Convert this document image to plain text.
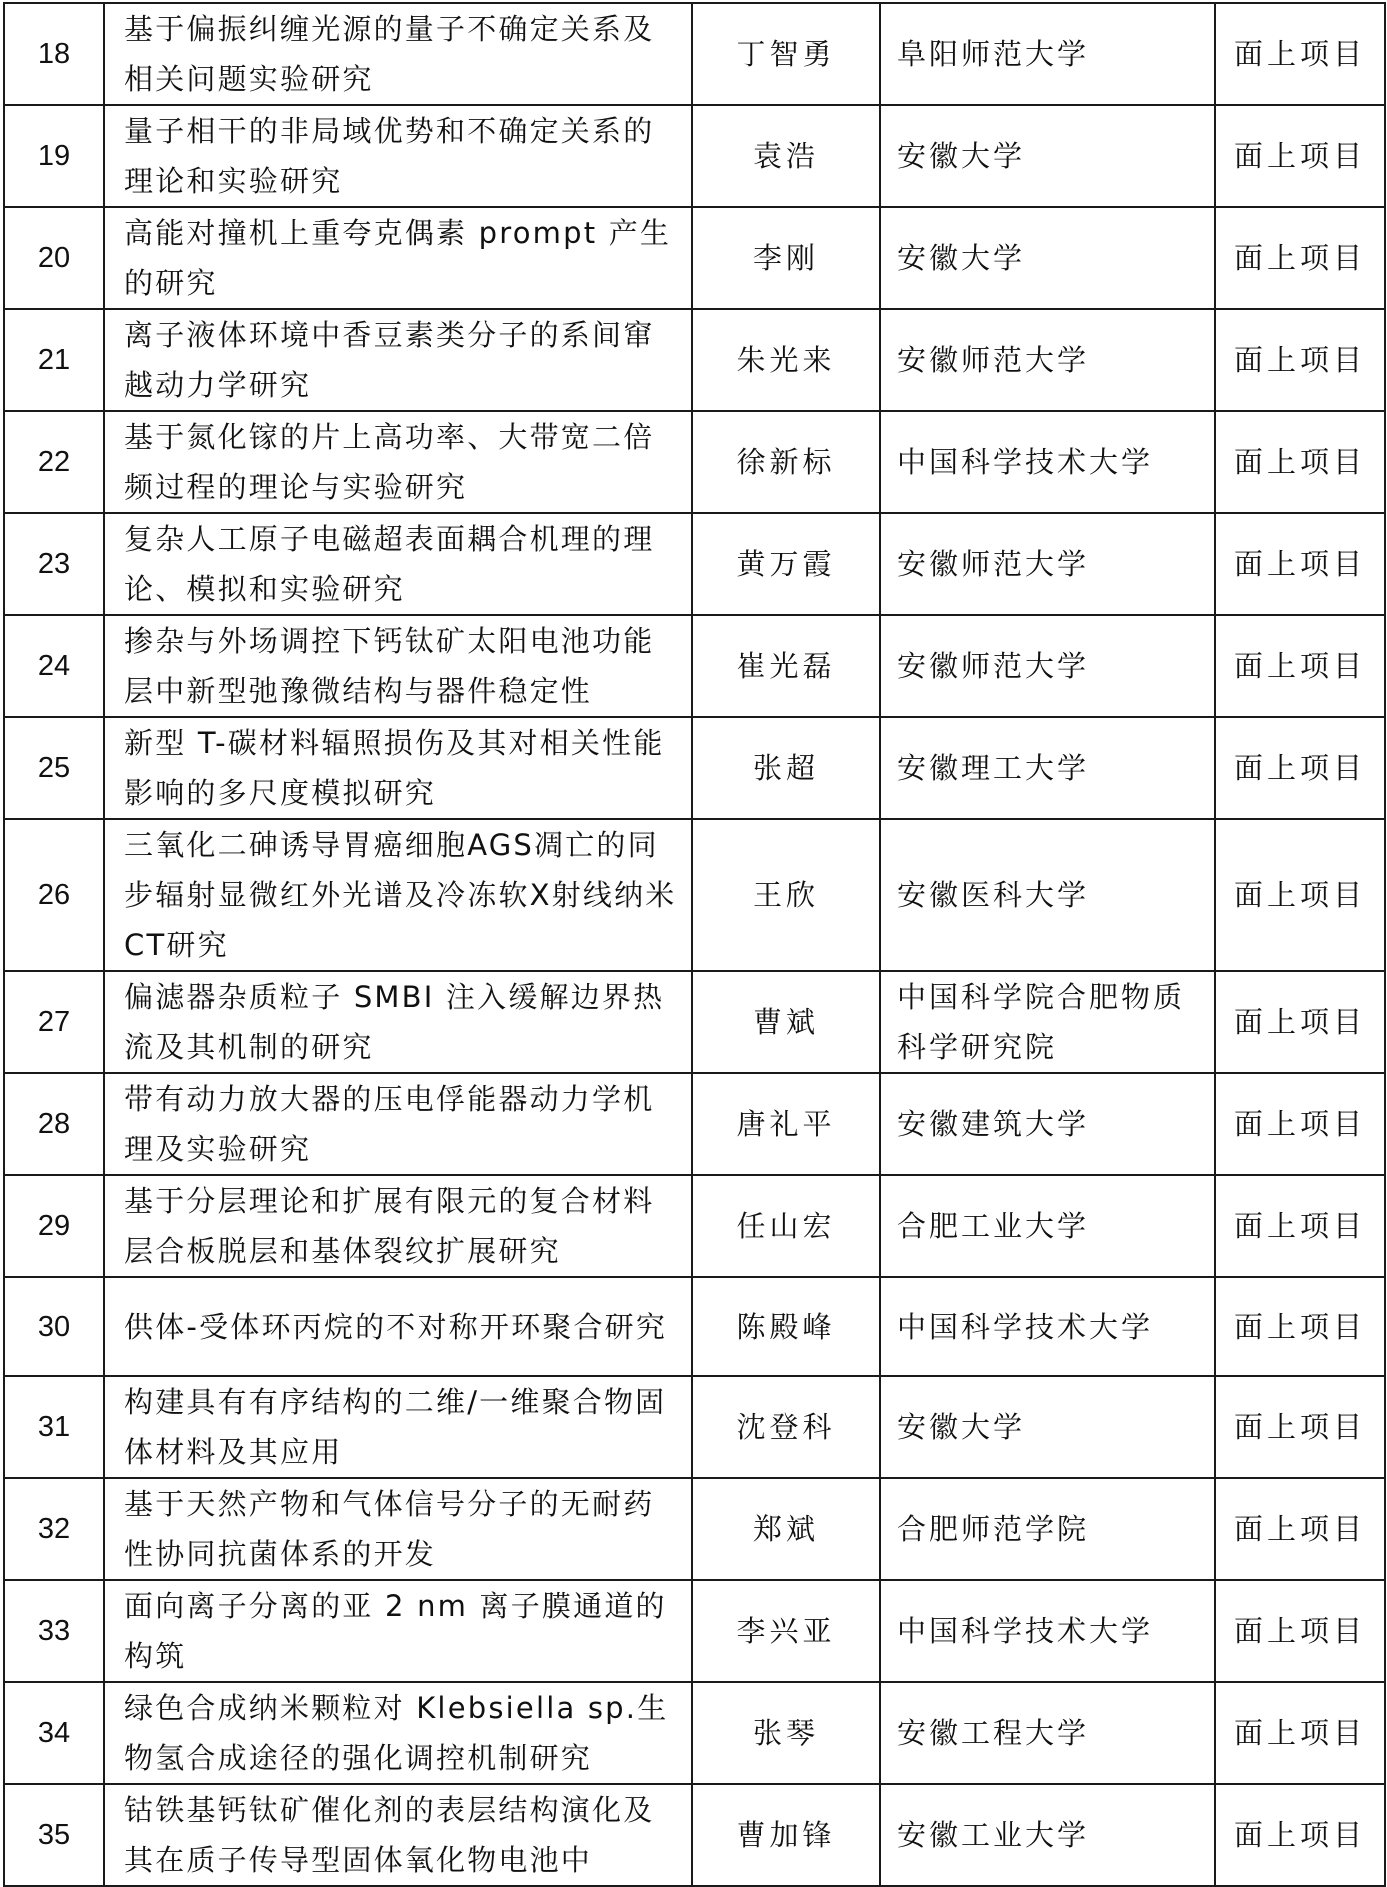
18	基于偏振纠缠光源的量子不确定关系及相关问题实验研究	丁智勇	阜阳师范大学	面上项目
19	量子相干的非局域优势和不确定关系的理论和实验研究	袁浩	安徽大学	面上项目
20	高能对撞机上重夸克偶素 prompt 产生的研究	李刚	安徽大学	面上项目
21	离子液体环境中香豆素类分子的系间窜越动力学研究	朱光来	安徽师范大学	面上项目
22	基于氮化镓的片上高功率、大带宽二倍频过程的理论与实验研究	徐新标	中国科学技术大学	面上项目
23	复杂人工原子电磁超表面耦合机理的理论、模拟和实验研究	黄万霞	安徽师范大学	面上项目
24	掺杂与外场调控下钙钛矿太阳电池功能层中新型弛豫微结构与器件稳定性	崔光磊	安徽师范大学	面上项目
25	新型 T-碳材料辐照损伤及其对相关性能影响的多尺度模拟研究	张超	安徽理工大学	面上项目
26	三氧化二砷诱导胃癌细胞AGS凋亡的同步辐射显微红外光谱及冷冻软X射线纳米CT研究	王欣	安徽医科大学	面上项目
27	偏滤器杂质粒子 SMBI 注入缓解边界热流及其机制的研究	曹斌	中国科学院合肥物质科学研究院	面上项目
28	带有动力放大器的压电俘能器动力学机理及实验研究	唐礼平	安徽建筑大学	面上项目
29	基于分层理论和扩展有限元的复合材料层合板脱层和基体裂纹扩展研究	任山宏	合肥工业大学	面上项目
30	供体-受体环丙烷的不对称开环聚合研究	陈殿峰	中国科学技术大学	面上项目
31	构建具有有序结构的二维/一维聚合物固体材料及其应用	沈登科	安徽大学	面上项目
32	基于天然产物和气体信号分子的无耐药性协同抗菌体系的开发	郑斌	合肥师范学院	面上项目
33	面向离子分离的亚 2 nm 离子膜通道的构筑	李兴亚	中国科学技术大学	面上项目
34	绿色合成纳米颗粒对 Klebsiella sp.生物氢合成途径的强化调控机制研究	张琴	安徽工程大学	面上项目
35	钴铁基钙钛矿催化剂的表层结构演化及其在质子传导型固体氧化物电池中	曹加锋	安徽工业大学	面上项目
